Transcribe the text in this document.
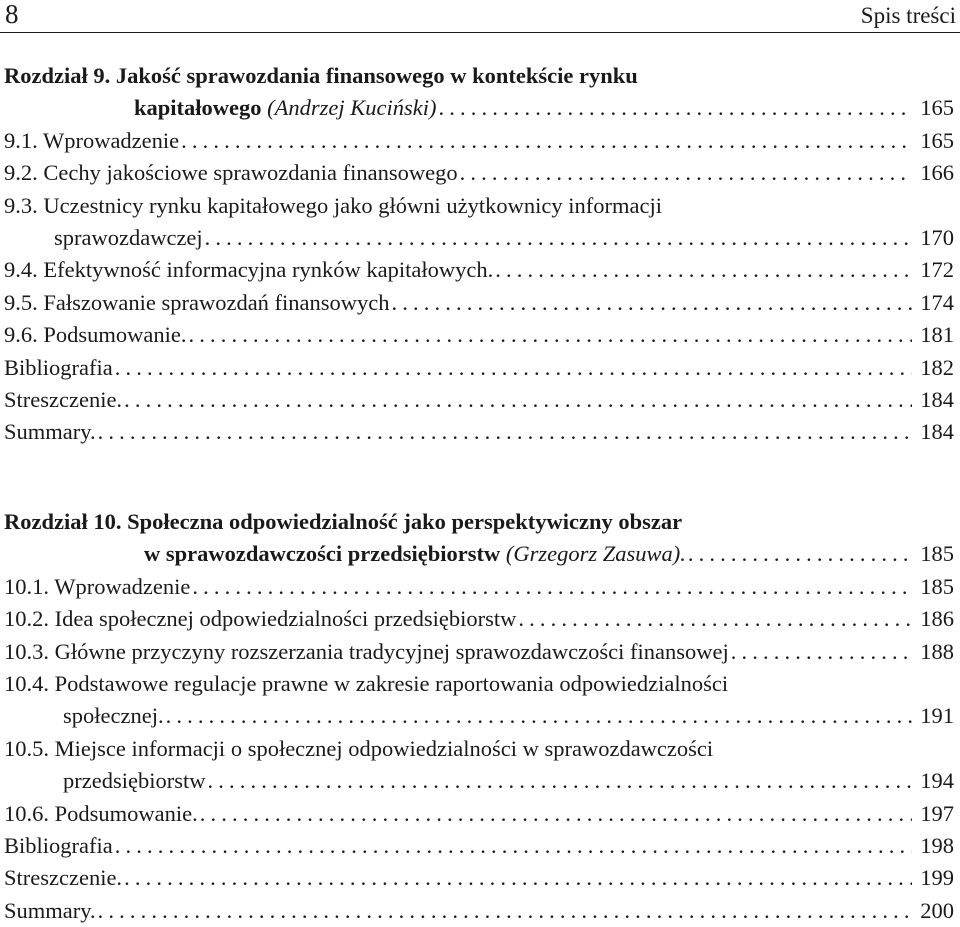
8	Spis treści
Rozdział 9. Jakość sprawozdania finansowego w kontekście rynku
kapitałowego (Andrzej Kuciński) . . .	165
9.1. Wprowadzenie . . .	165
9.2. Cechy jakościowe sprawozdania finansowego . . .	166
9.3. Uczestnicy rynku kapitałowego jako główni użytkownicy informacji
sprawozdawczej . . .	170
9.4. Efektywność informacyjna rynków kapitałowych. . . .	172
9.5. Fałszowanie sprawozdań finansowych . . .	174
9.6. Podsumowanie. . . .	181
Bibliografia . . .	182
Streszczenie. . . .	184
Summary. . . .	184
Rozdział 10. Społeczna odpowiedzialność jako perspektywiczny obszar
w sprawozdawczości przedsiębiorstw (Grzegorz Zasuwa). . . .	185
10.1. Wprowadzenie . . .	185
10.2. Idea społecznej odpowiedzialności przedsiębiorstw . . .	186
10.3. Główne przyczyny rozszerzania tradycyjnej sprawozdawczości finansowej . . .	188
10.4. Podstawowe regulacje prawne w zakresie raportowania odpowiedzialności
społecznej. . . .	191
10.5. Miejsce informacji o społecznej odpowiedzialności w sprawozdawczości
przedsiębiorstw . . .	194
10.6. Podsumowanie. . . .	197
Bibliografia . . .	198
Streszczenie. . . .	199
Summary. . . .	200
